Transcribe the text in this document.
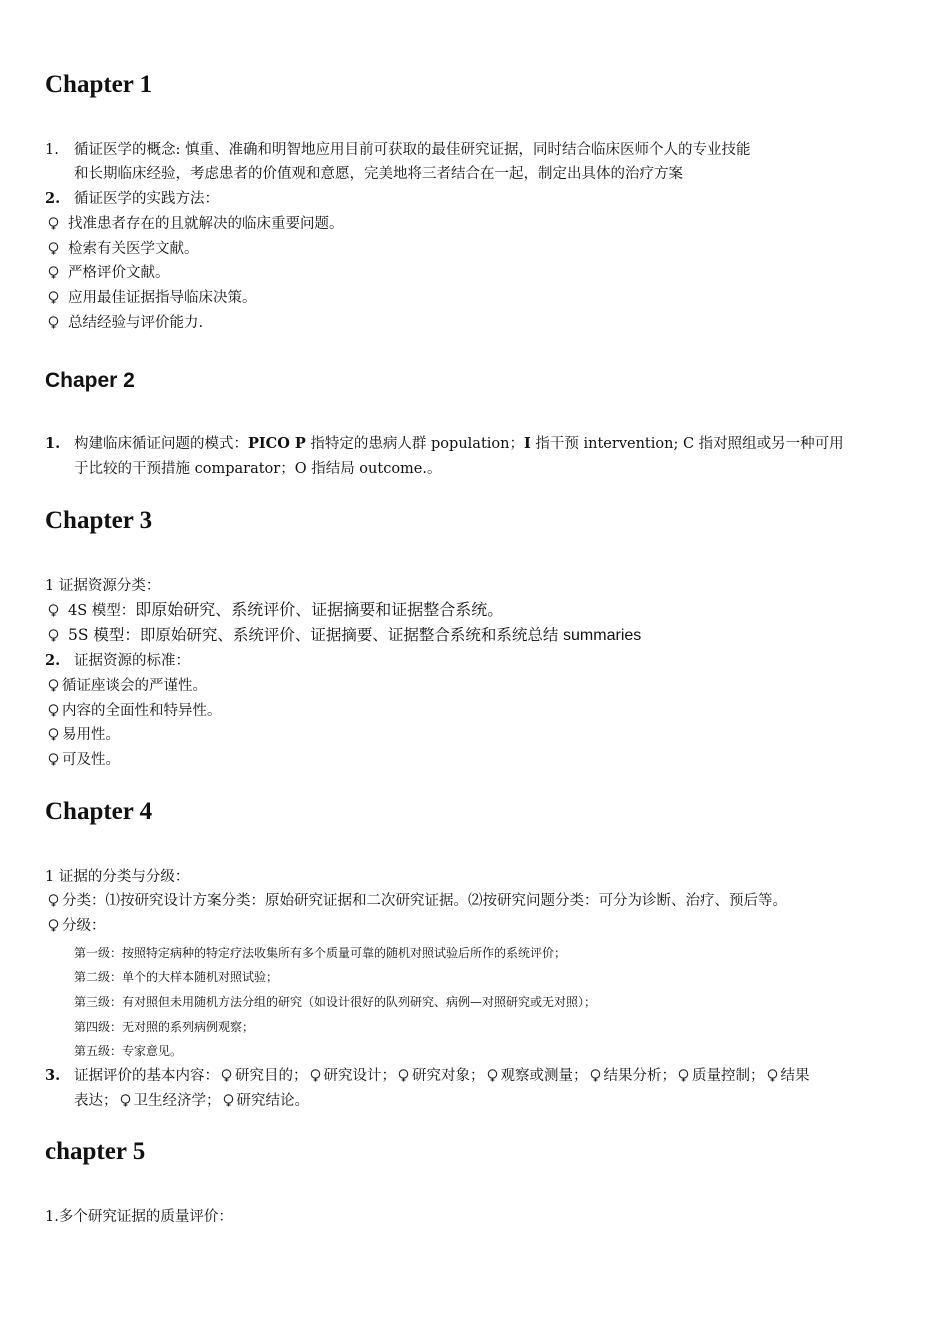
Chapter 1
1. 循证医学的概念: 慎重、准确和明智地应用目前可获取的最佳研究证据，同时结合临床医师个人的专业技能
和长期临床经验，考虑患者的价值观和意愿，完美地将三者结合在一起，制定出具体的治疗方案
2. 循证医学的实践方法：
找准患者存在的且就解决的临床重要问题。
检索有关医学文献。
严格评价文献。
应用最佳证据指导临床决策。
总结经验与评价能力.
Chaper 2
1. 构建临床循证问题的模式：PICO P 指特定的患病人群 population；I 指干预 intervention; C 指对照组或另一种可用
于比较的干预措施 comparator；O 指结局 outcome.。
Chapter 3
1 证据资源分类：
4S 模型：即原始研究、系统评价、证据摘要和证据整合系统。
5S 模型：即原始研究、系统评价、证据摘要、证据整合系统和系统总结 summaries
2. 证据资源的标准：
循证座谈会的严谨性。
内容的全面性和特异性。
易用性。
可及性。
Chapter 4
1 证据的分类与分级：
分类：⑴按研究设计方案分类：原始研究证据和二次研究证据。⑵按研究问题分类：可分为诊断、治疗、预后等。
分级：
第一级：按照特定病种的特定疗法收集所有多个质量可靠的随机对照试验后所作的系统评价；
第二级：单个的大样本随机对照试验；
第三级：有对照但未用随机方法分组的研究（如设计很好的队列研究、病例—对照研究或无对照）；
第四级：无对照的系列病例观察；
第五级：专家意见。
3. 证据评价的基本内容： 研究目的； 研究设计； 研究对象； 观察或测量； 结果分析； 质量控制； 结果
表达； 卫生经济学； 研究结论。
chapter 5
1.多个研究证据的质量评价：
